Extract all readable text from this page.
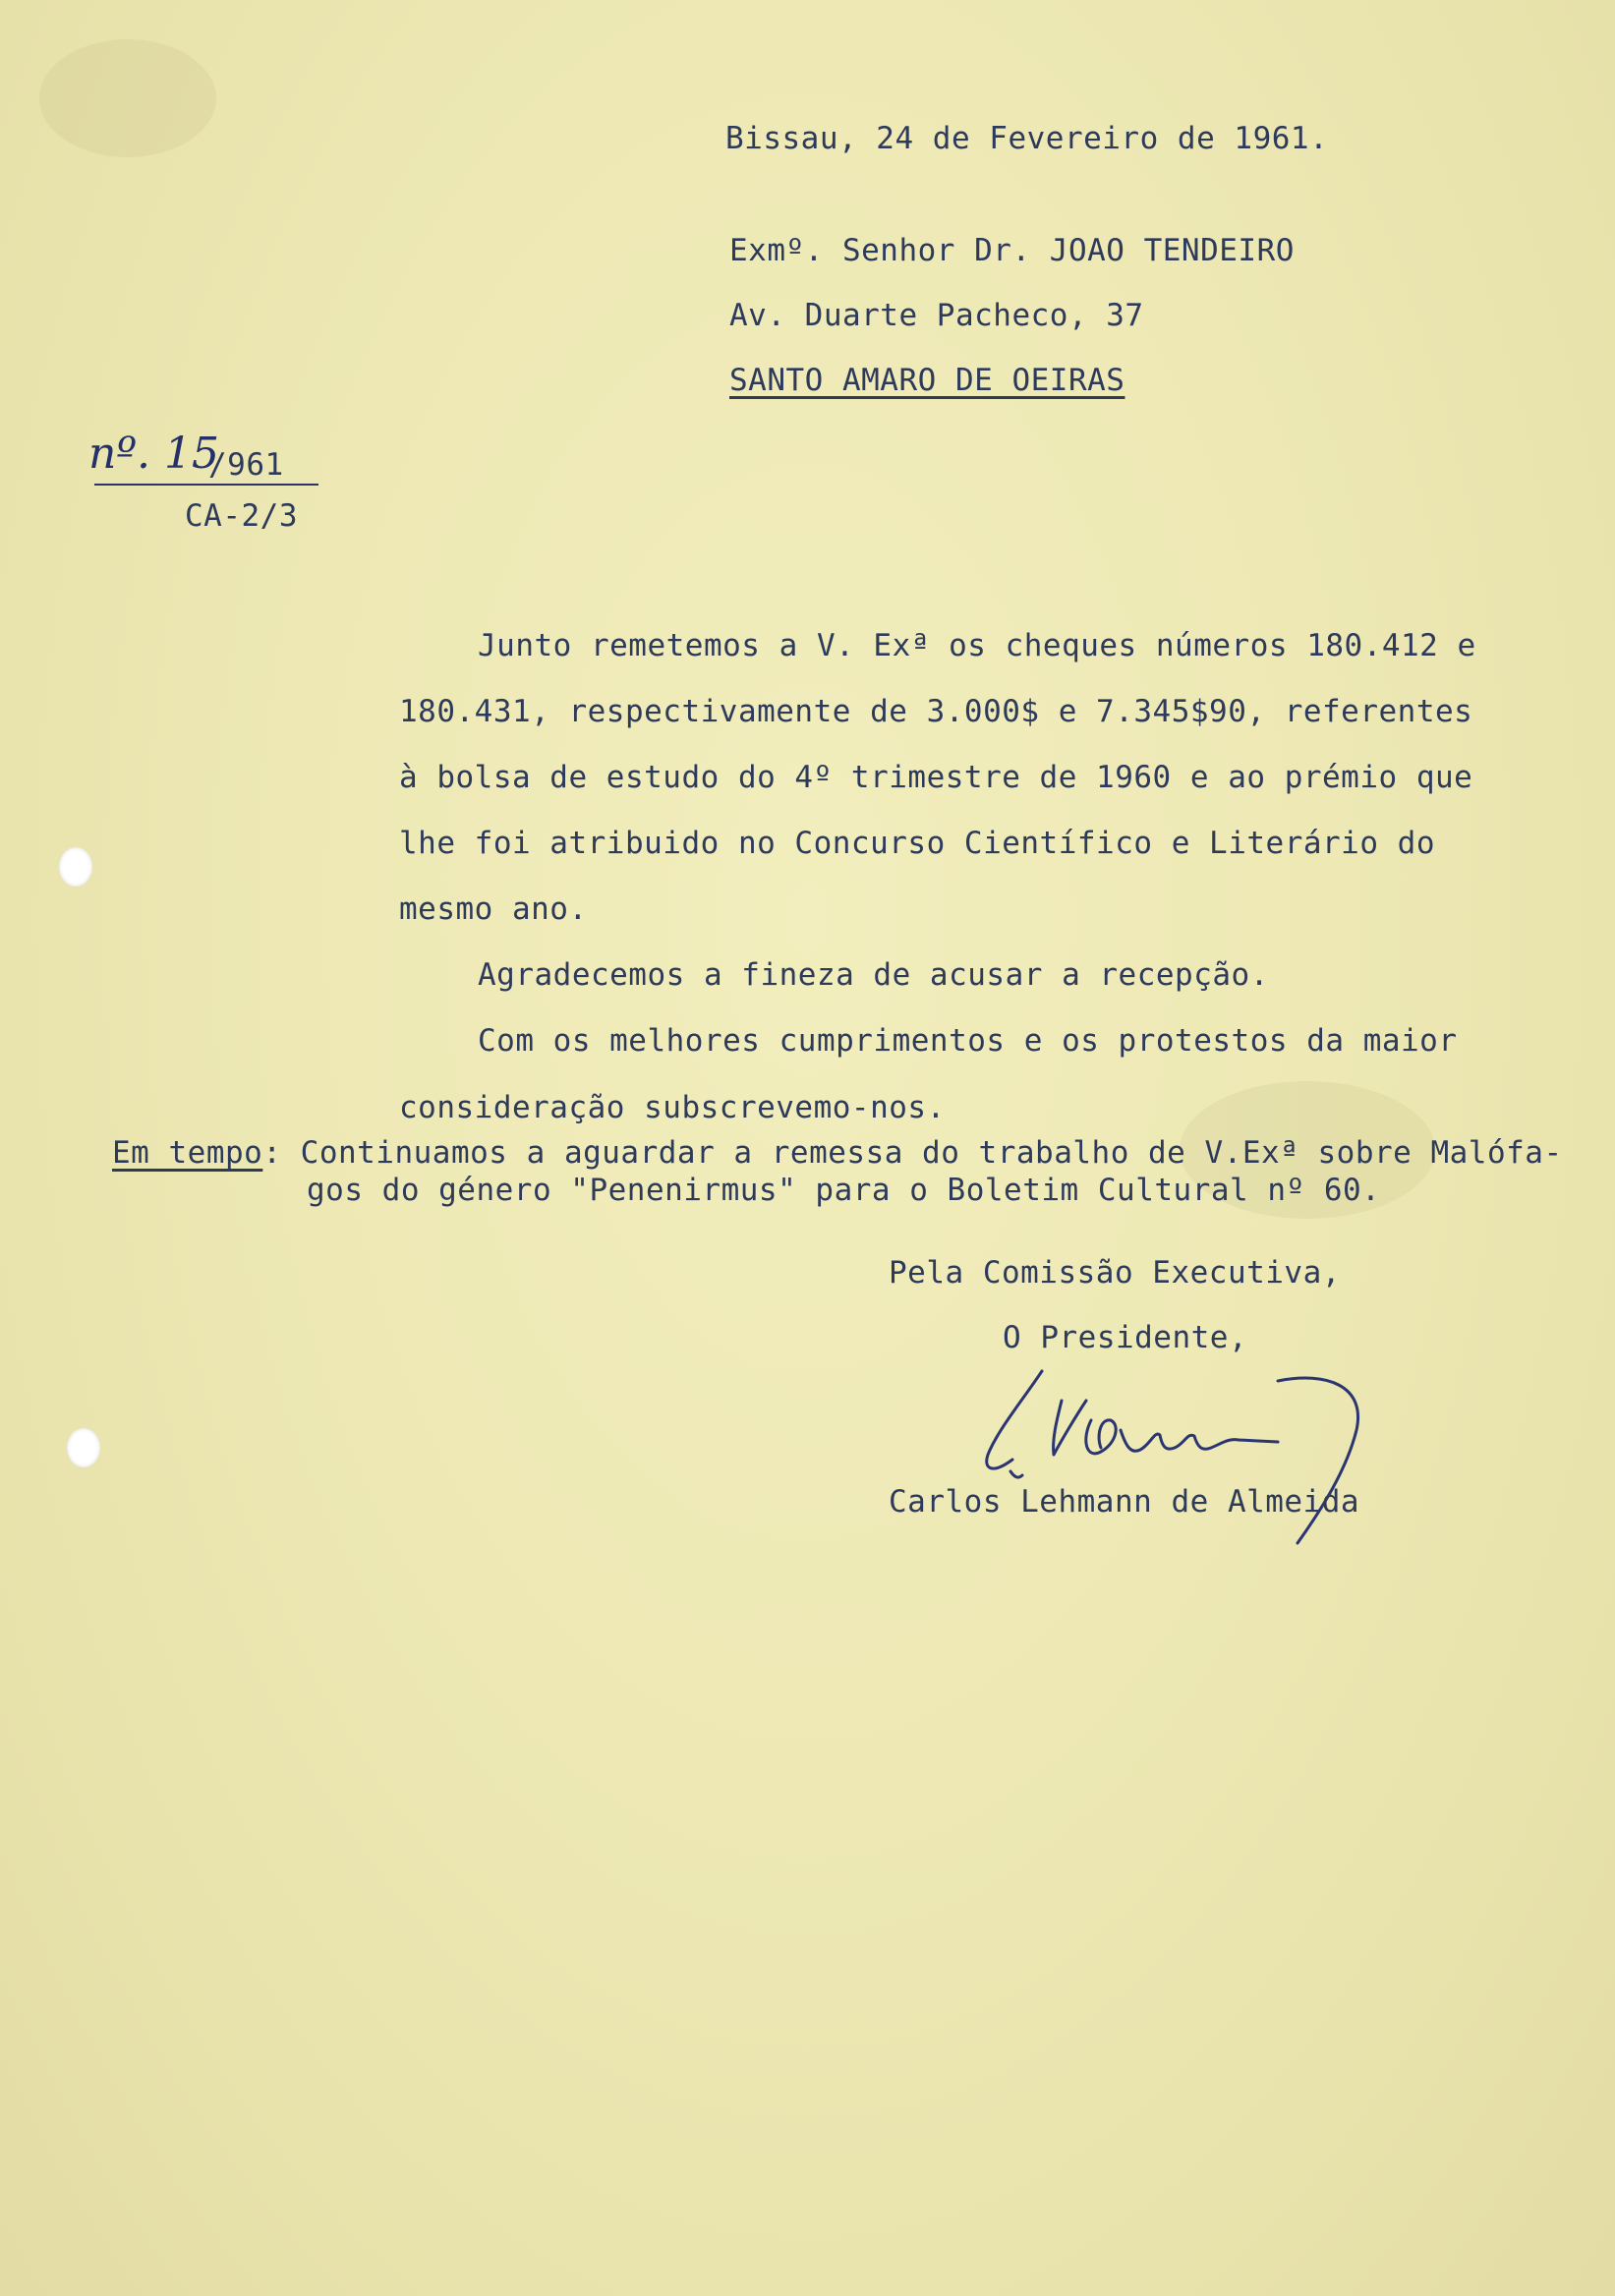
Bissau, 24 de Fevereiro de 1961.
Exmº. Senhor Dr. JOAO TENDEIRO
Av. Duarte Pacheco, 37
SANTO AMARO DE OEIRAS
nº. 15
/961
CA-2/3
Junto remetemos a V. Exª os cheques números 180.412 e
180.431, respectivamente de 3.000$ e 7.345$90, referentes
à bolsa de estudo do 4º trimestre de 1960 e ao prémio que
lhe foi atribuido no Concurso Científico e Literário do
mesmo ano.
Agradecemos a fineza de acusar a recepção.
Com os melhores cumprimentos e os protestos da maior
consideração subscrevemo-nos.
Em tempo: Continuamos a aguardar a remessa do trabalho de V.Exª sobre Malófa-
gos do género "Penenirmus" para o Boletim Cultural nº 60.
Pela Comissão Executiva,
O Presidente,
Carlos Lehmann de Almeida
